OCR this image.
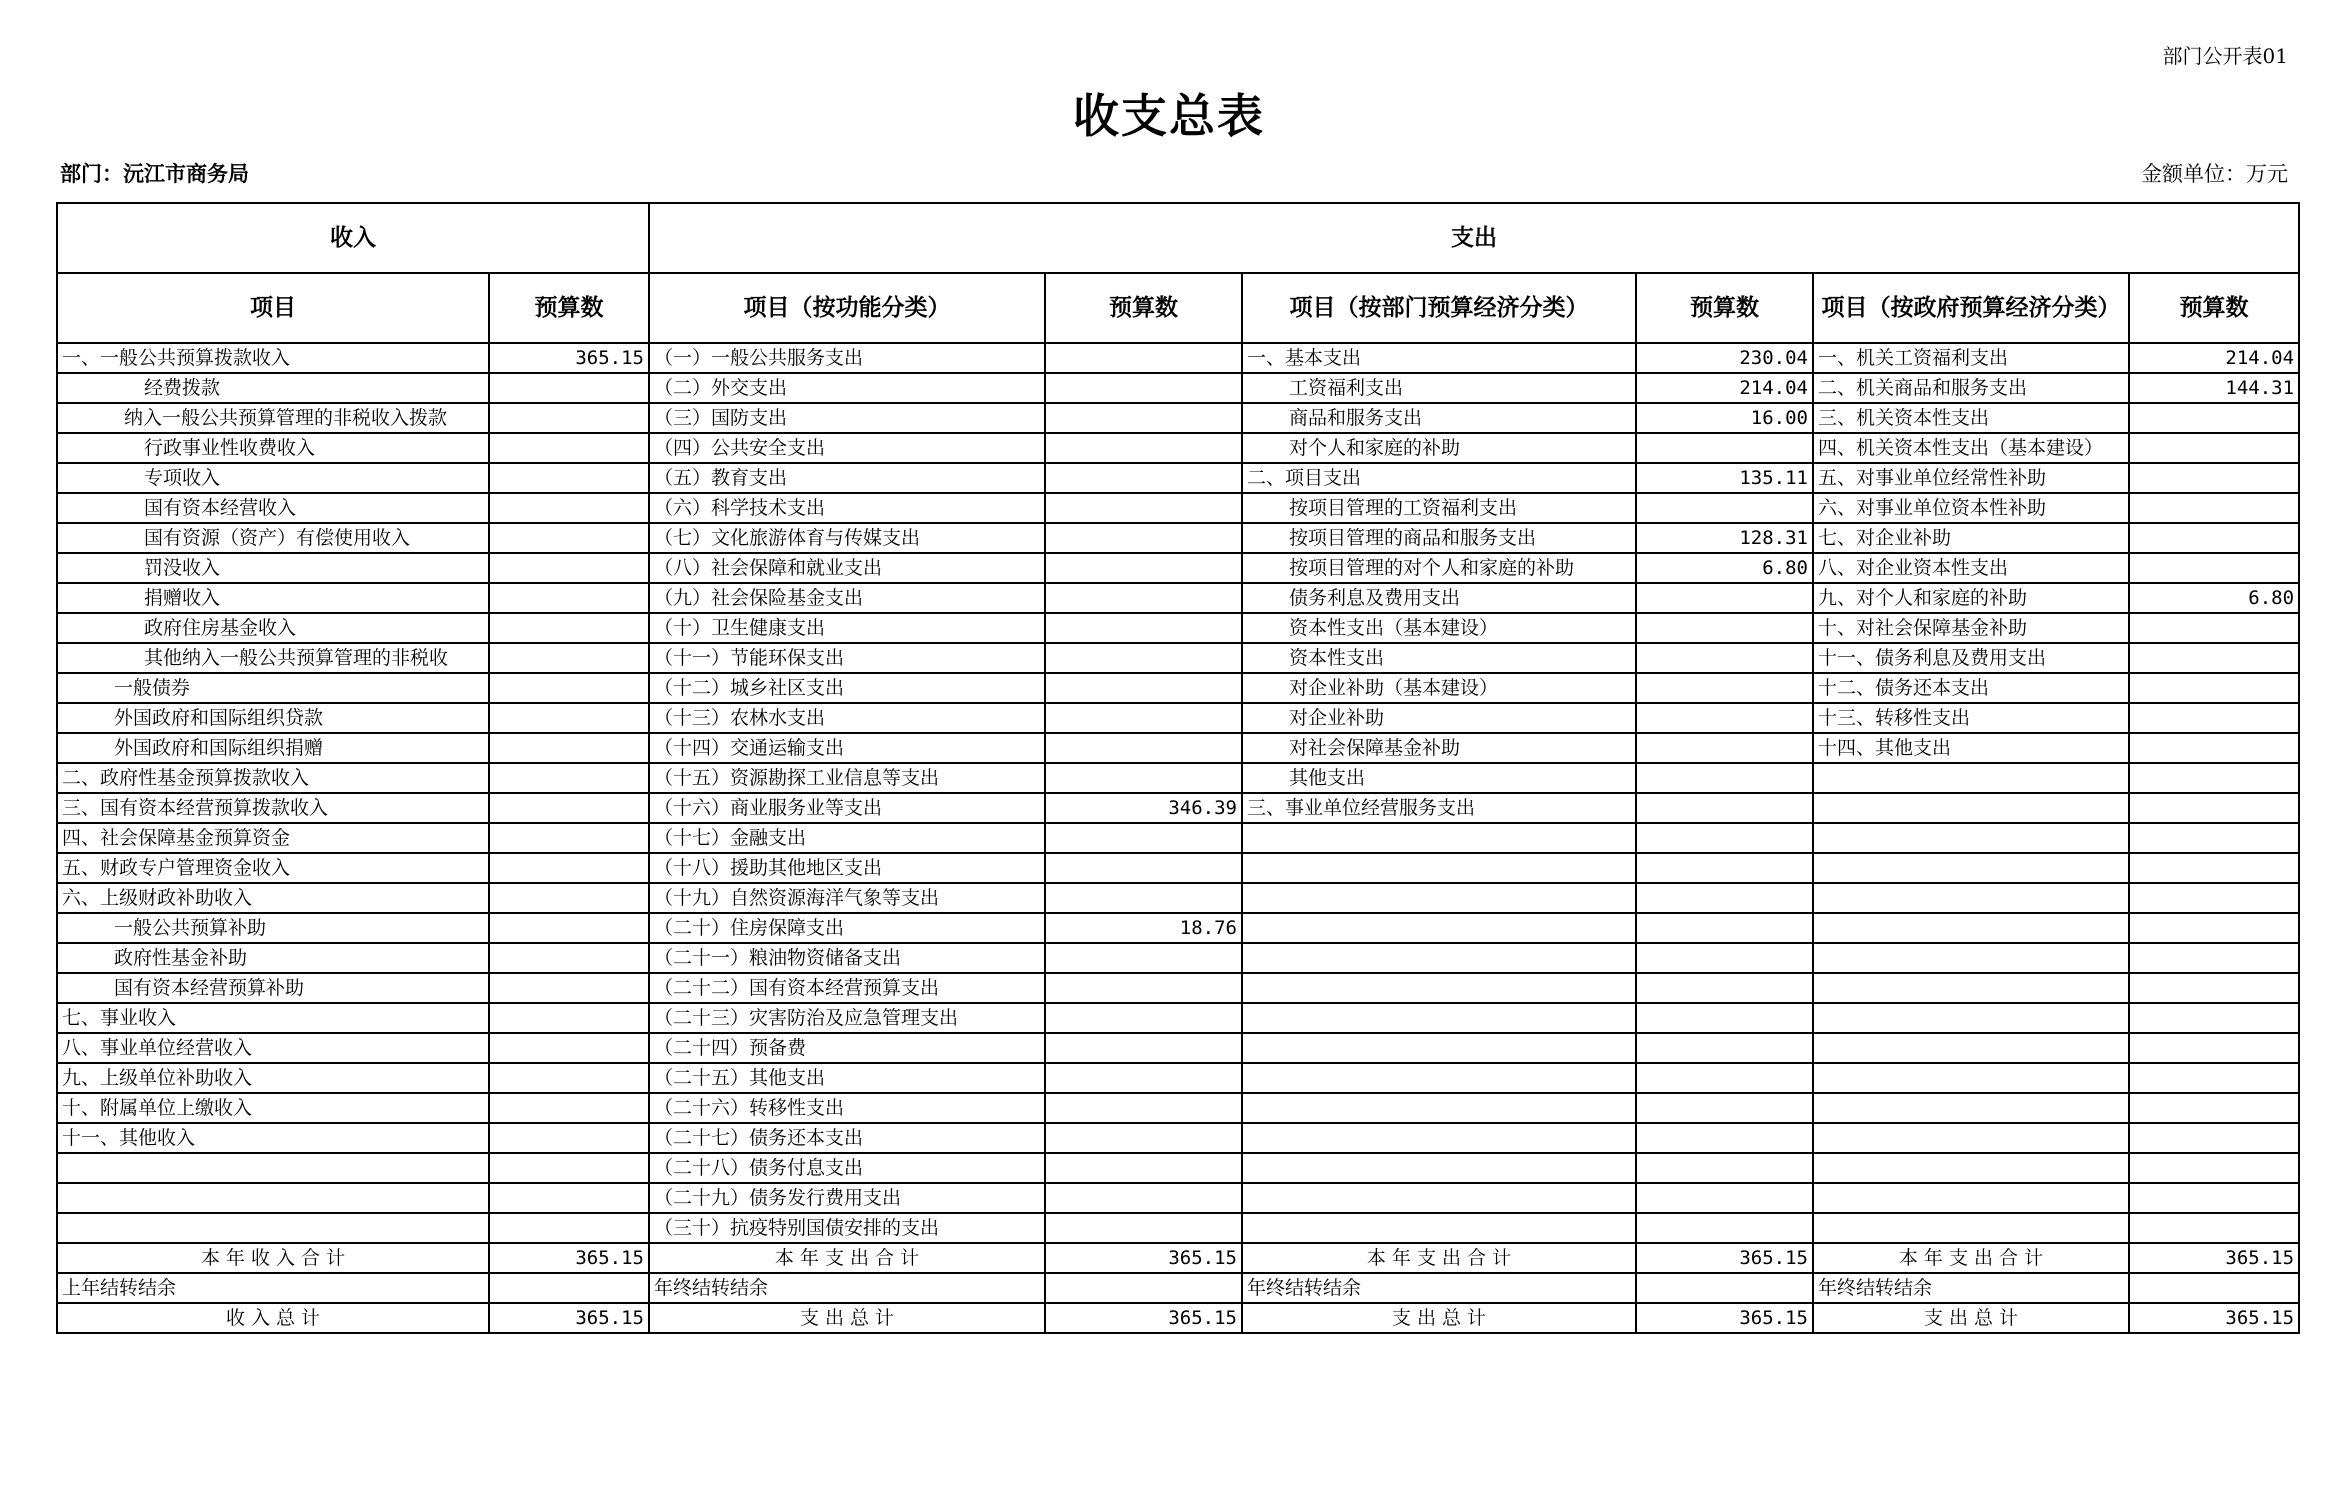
部门公开表01
收支总表
部门：沅江市商务局	金额单位：万元
收入		支出					
项目	预算数	项目（按功能分类）	预算数	项目（按部门预算经济分类）	预算数	项目（按政府预算经济分类）	预算数
一、一般公共预算拨款收入	365.15	（一）一般公共服务支出		一、基本支出	230.04	一、机关工资福利支出	214.04
经费拨款		（二）外交支出		工资福利支出	214.04	二、机关商品和服务支出	144.31
纳入一般公共预算管理的非税收入拨款		（三）国防支出		商品和服务支出	16.00	三、机关资本性支出	
行政事业性收费收入		（四）公共安全支出		对个人和家庭的补助		四、机关资本性支出（基本建设）	
专项收入		（五）教育支出		二、项目支出	135.11	五、对事业单位经常性补助	
国有资本经营收入		（六）科学技术支出		按项目管理的工资福利支出		六、对事业单位资本性补助	
国有资源（资产）有偿使用收入		（七）文化旅游体育与传媒支出		按项目管理的商品和服务支出	128.31	七、对企业补助	
罚没收入		（八）社会保障和就业支出		按项目管理的对个人和家庭的补助	6.80	八、对企业资本性支出	
捐赠收入		（九）社会保险基金支出		债务利息及费用支出		九、对个人和家庭的补助	6.80
政府住房基金收入		（十）卫生健康支出		资本性支出（基本建设）		十、对社会保障基金补助	
其他纳入一般公共预算管理的非税收		（十一）节能环保支出		资本性支出		十一、债务利息及费用支出	
一般债券		（十二）城乡社区支出		对企业补助（基本建设）		十二、债务还本支出	
外国政府和国际组织贷款		（十三）农林水支出		对企业补助		十三、转移性支出	
外国政府和国际组织捐赠		（十四）交通运输支出		对社会保障基金补助		十四、其他支出	
二、政府性基金预算拨款收入		（十五）资源勘探工业信息等支出		其他支出			
三、国有资本经营预算拨款收入		（十六）商业服务业等支出	346.39	三、事业单位经营服务支出			
四、社会保障基金预算资金		（十七）金融支出					
五、财政专户管理资金收入		（十八）援助其他地区支出					
六、上级财政补助收入		（十九）自然资源海洋气象等支出					
一般公共预算补助		（二十）住房保障支出	18.76				
政府性基金补助		（二十一）粮油物资储备支出					
国有资本经营预算补助		（二十二）国有资本经营预算支出					
七、事业收入		（二十三）灾害防治及应急管理支出					
八、事业单位经营收入		（二十四）预备费					
九、上级单位补助收入		（二十五）其他支出					
十、附属单位上缴收入		（二十六）转移性支出					
十一、其他收入		（二十七）债务还本支出					
		（二十八）债务付息支出					
		（二十九）债务发行费用支出					
		（三十）抗疫特别国债安排的支出					
本 年 收 入 合 计	365.15	本 年 支 出 合 计	365.15	本 年 支 出 合 计	365.15	本 年 支 出 合 计	365.15
上年结转结余		年终结转结余		年终结转结余		年终结转结余	
收 入 总 计	365.15	支 出 总 计	365.15	支 出 总 计	365.15	支 出 总 计	365.15
